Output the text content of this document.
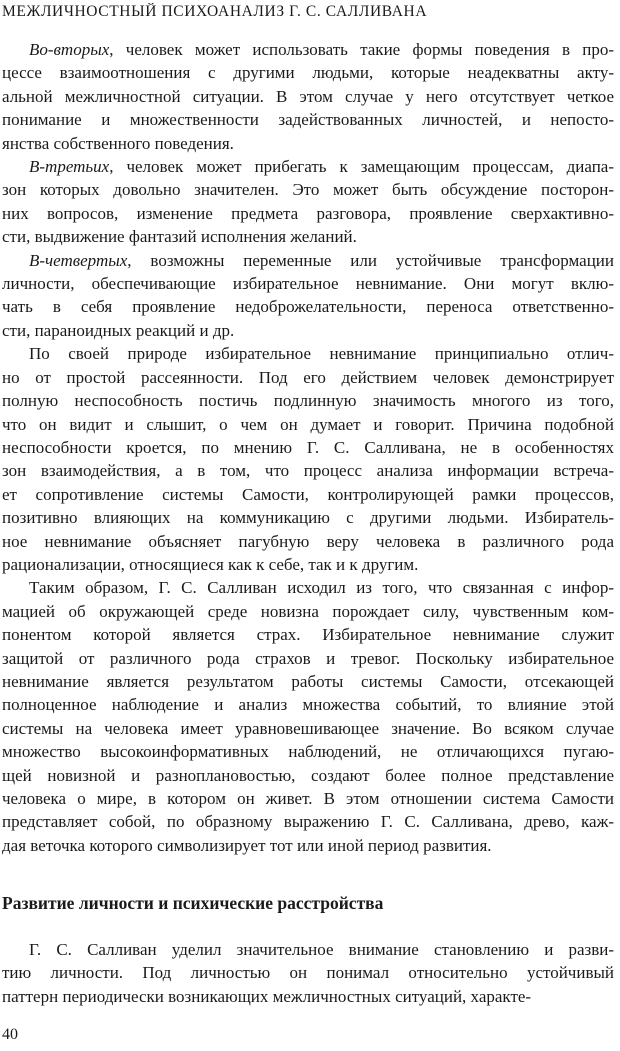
МЕЖЛИЧНОСТНЫЙ ПСИХОАНАЛИЗ Г. С. САЛЛИВАНА
Во-вторых, человек может использовать такие формы поведения в про-
цессе взаимоотношения с другими людьми, которые неадекватны акту-
альной межличностной ситуации. В этом случае у него отсутствует четкое
понимание и множественности задействованных личностей, и непосто-
янства собственного поведения.
В-третьих, человек может прибегать к замещающим процессам, диапа-
зон которых довольно значителен. Это может быть обсуждение посторон-
них вопросов, изменение предмета разговора, проявление сверхактивно-
сти, выдвижение фантазий исполнения желаний.
В-четвертых, возможны переменные или устойчивые трансформации
личности, обеспечивающие избирательное невнимание. Они могут вклю-
чать в себя проявление недоброжелательности, переноса ответственно-
сти, параноидных реакций и др.
По своей природе избирательное невнимание принципиально отлич-
но от простой рассеянности. Под его действием человек демонстрирует
полную неспособность постичь подлинную значимость многого из того,
что он видит и слышит, о чем он думает и говорит. Причина подобной
неспособности кроется, по мнению Г. С. Салливана, не в особенностях
зон взаимодействия, а в том, что процесс анализа информации встреча-
ет сопротивление системы Самости, контролирующей рамки процессов,
позитивно влияющих на коммуникацию с другими людьми. Избиратель-
ное невнимание объясняет пагубную веру человека в различного рода
рационализации, относящиеся как к себе, так и к другим.
Таким образом, Г. С. Салливан исходил из того, что связанная с инфор-
мацией об окружающей среде новизна порождает силу, чувственным ком-
понентом которой является страх. Избирательное невнимание служит
защитой от различного рода страхов и тревог. Поскольку избирательное
невнимание является результатом работы системы Самости, отсекающей
полноценное наблюдение и анализ множества событий, то влияние этой
системы на человека имеет уравновешивающее значение. Во всяком случае
множество высокоинформативных наблюдений, не отличающихся пугаю-
щей новизной и разноплановостью, создают более полное представление
человека о мире, в котором он живет. В этом отношении система Самости
представляет собой, по образному выражению Г. С. Салливана, древо, каж-
дая веточка которого символизирует тот или иной период развития.
Развитие личности и психические расстройства
Г. С. Салливан уделил значительное внимание становлению и разви-
тию личности. Под личностью он понимал относительно устойчивый
паттерн периодически возникающих межличностных ситуаций, характе-
40
